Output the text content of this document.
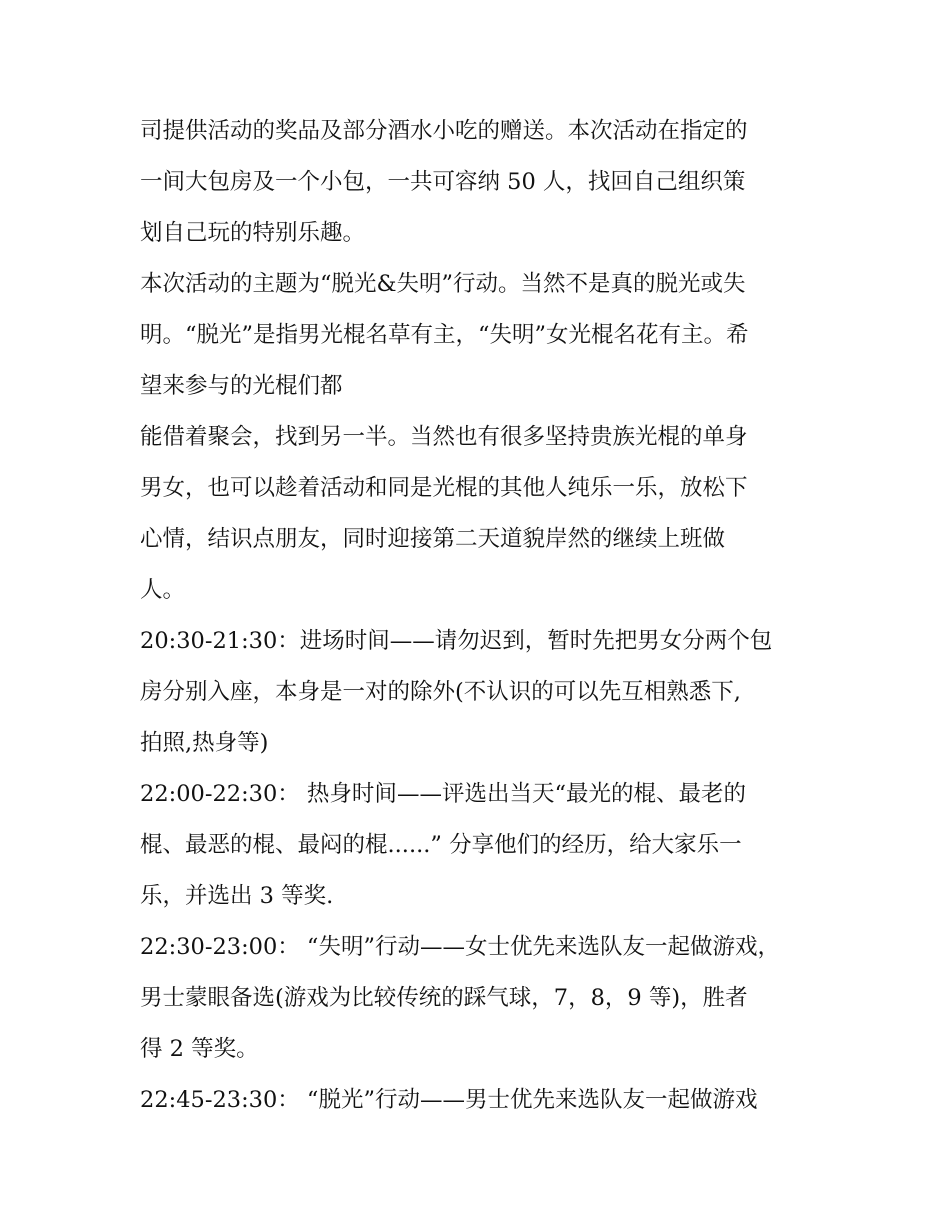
司提供活动的奖品及部分酒水小吃的赠送。本次活动在指定的
一间大包房及一个小包，一共可容纳 50 人，找回自己组织策
划自己玩的特别乐趣。
本次活动的主题为“脱光&失明”行动。当然不是真的脱光或失
明。“脱光”是指男光棍名草有主，“失明”女光棍名花有主。希
望来参与的光棍们都
能借着聚会，找到另一半。当然也有很多坚持贵族光棍的单身
男女，也可以趁着活动和同是光棍的其他人纯乐一乐，放松下
心情，结识点朋友，同时迎接第二天道貌岸然的继续上班做
人。
20:30-21:30：进场时间——请勿迟到，暂时先把男女分两个包
房分别入座，本身是一对的除外(不认识的可以先互相熟悉下,
拍照,热身等)
22:00-22:30： 热身时间——评选出当天“最光的棍、最老的
棍、最恶的棍、最闷的棍......” 分享他们的经历，给大家乐一
乐，并选出 3 等奖.
22:30-23:00： “失明”行动——女士优先来选队友一起做游戏，
男士蒙眼备选(游戏为比较传统的踩气球，7，8，9 等)，胜者
得 2 等奖。
22:45-23:30： “脱光”行动——男士优先来选队友一起做游戏
